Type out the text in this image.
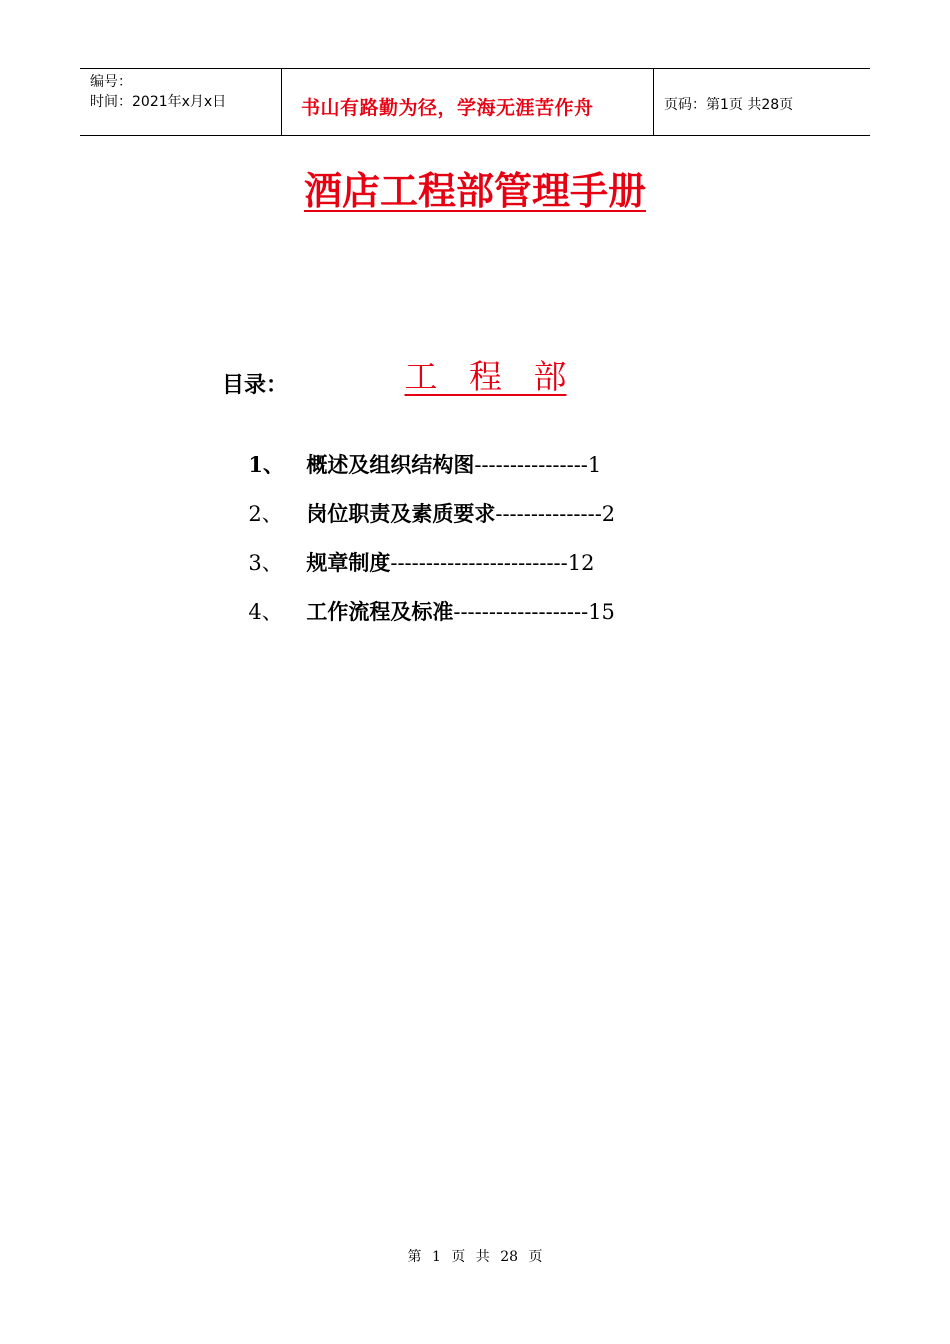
编号：
时间：2021年x月x日	书山有路勤为径，学海无涯苦作舟	页码：第1页 共28页
酒店工程部管理手册

工   程   部

目录：

1、 概述及组织结构图----------------1

2、 岗位职责及素质要求---------------2

3、 规章制度-------------------------12

4、 工作流程及标准-------------------15

第 1 页 共 28 页
